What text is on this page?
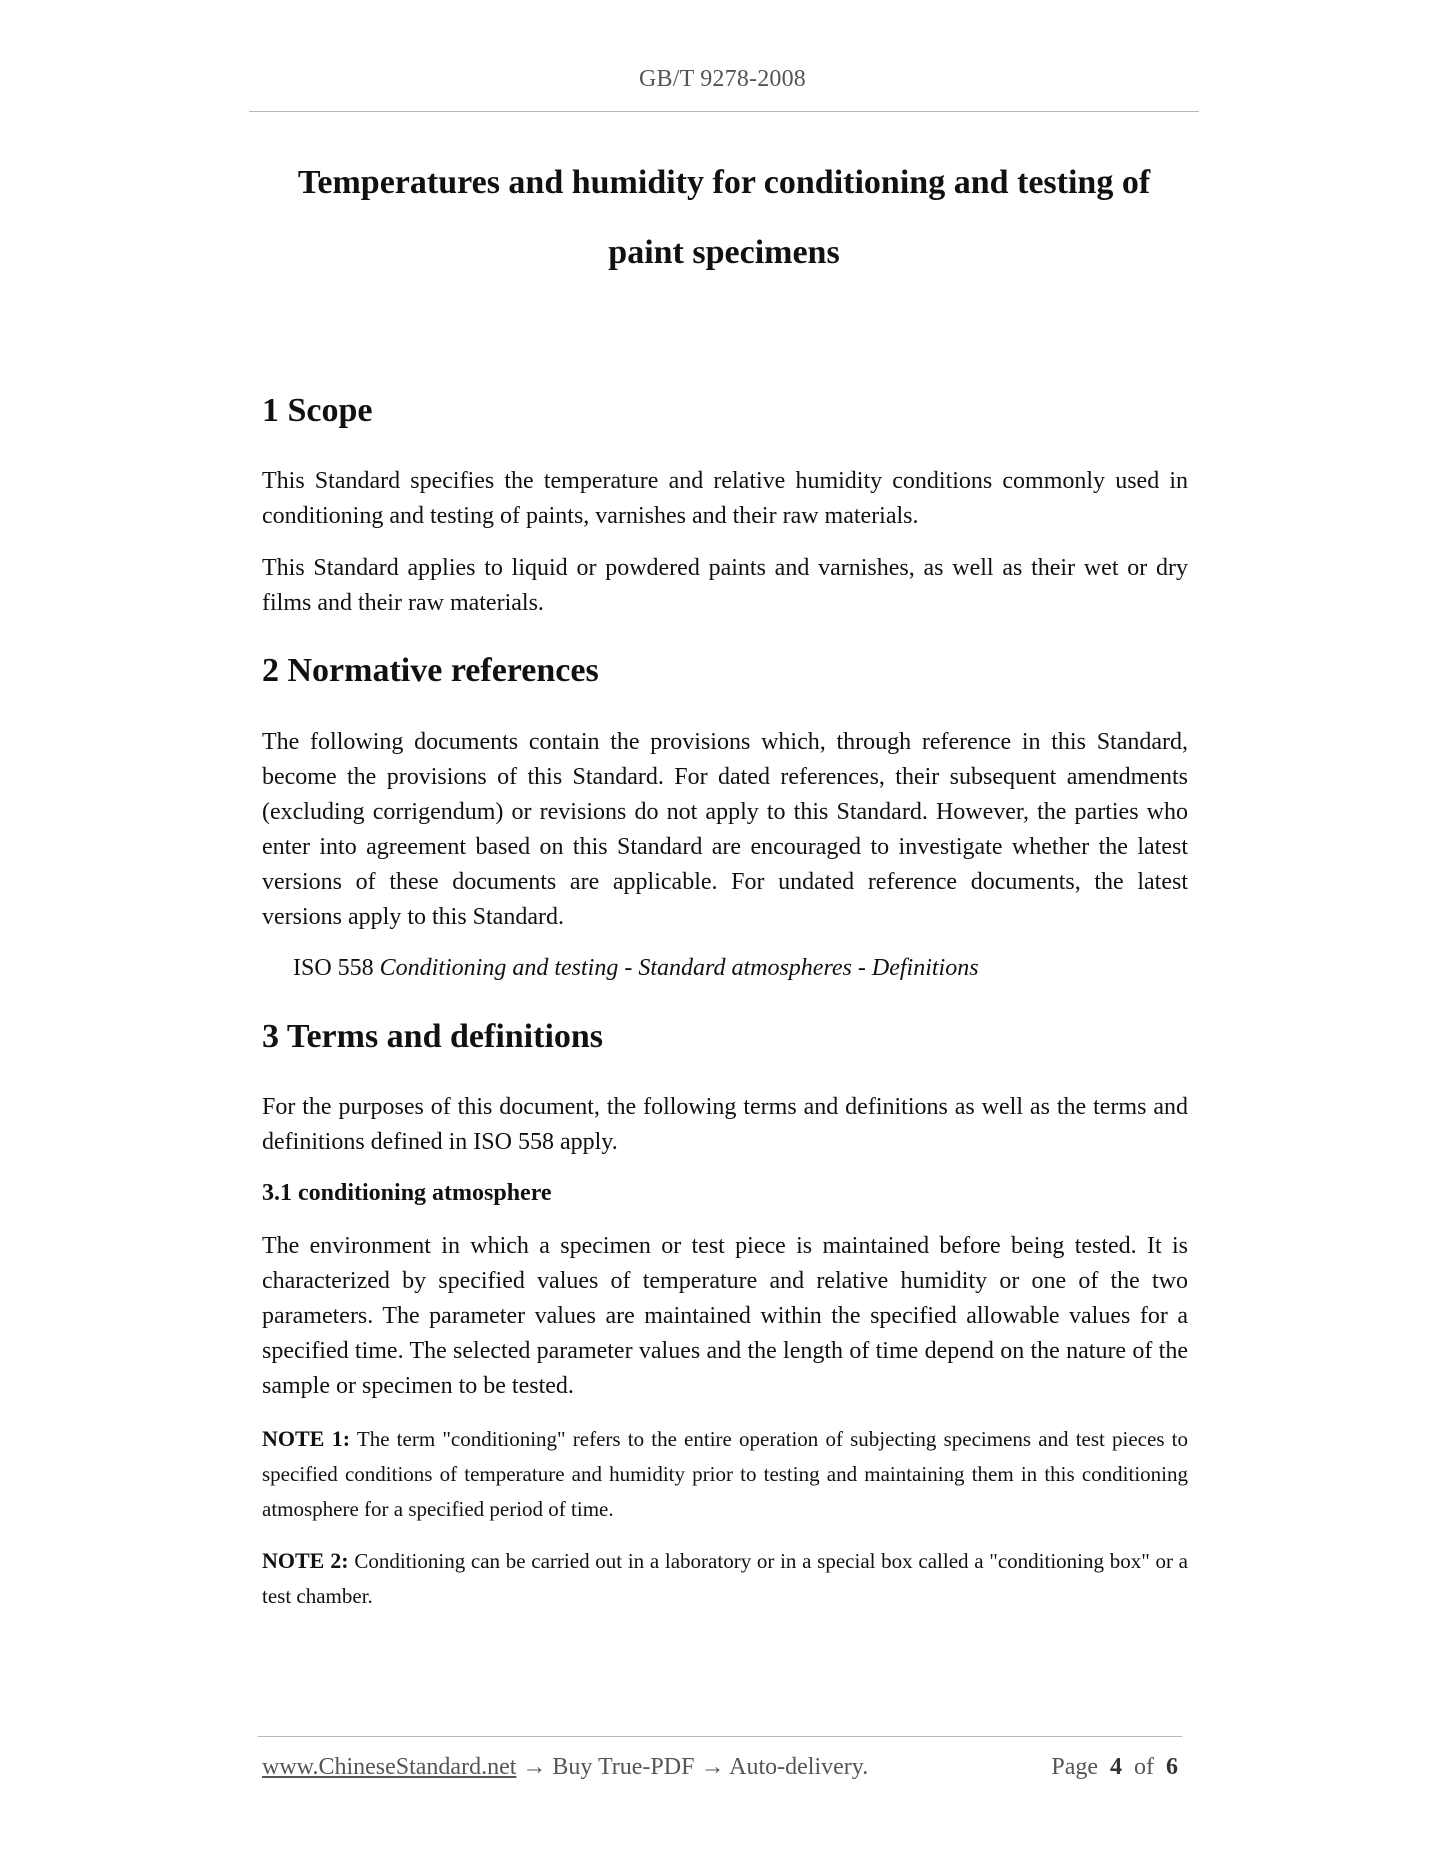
GB/T 9278-2008
Temperatures and humidity for conditioning and testing of
paint specimens
1 Scope

This Standard specifies the temperature and relative humidity conditions commonly used in conditioning and testing of paints, varnishes and their raw materials.

This Standard applies to liquid or powdered paints and varnishes, as well as their wet or dry films and their raw materials.

2 Normative references

The following documents contain the provisions which, through reference in this Standard, become the provisions of this Standard. For dated references, their subsequent amendments (excluding corrigendum) or revisions do not apply to this Standard. However, the parties who enter into agreement based on this Standard are encouraged to investigate whether the latest versions of these documents are applicable. For undated reference documents, the latest versions apply to this Standard.

ISO 558 Conditioning and testing - Standard atmospheres - Definitions
3 Terms and definitions

For the purposes of this document, the following terms and definitions as well as the terms and definitions defined in ISO 558 apply.

3.1 conditioning atmosphere

The environment in which a specimen or test piece is maintained before being tested. It is characterized by specified values of temperature and relative humidity or one of the two parameters. The parameter values are maintained within the specified allowable values for a specified time. The selected parameter values and the length of time depend on the nature of the sample or specimen to be tested.

NOTE 1: The term "conditioning" refers to the entire operation of subjecting specimens and test pieces to specified conditions of temperature and humidity prior to testing and maintaining them in this conditioning atmosphere for a specified period of time.
NOTE 2: Conditioning can be carried out in a laboratory or in a special box called a "conditioning box" or a test chamber.
www.ChineseStandard.net → Buy True-PDF → Auto-delivery.	Page 4 of 6
